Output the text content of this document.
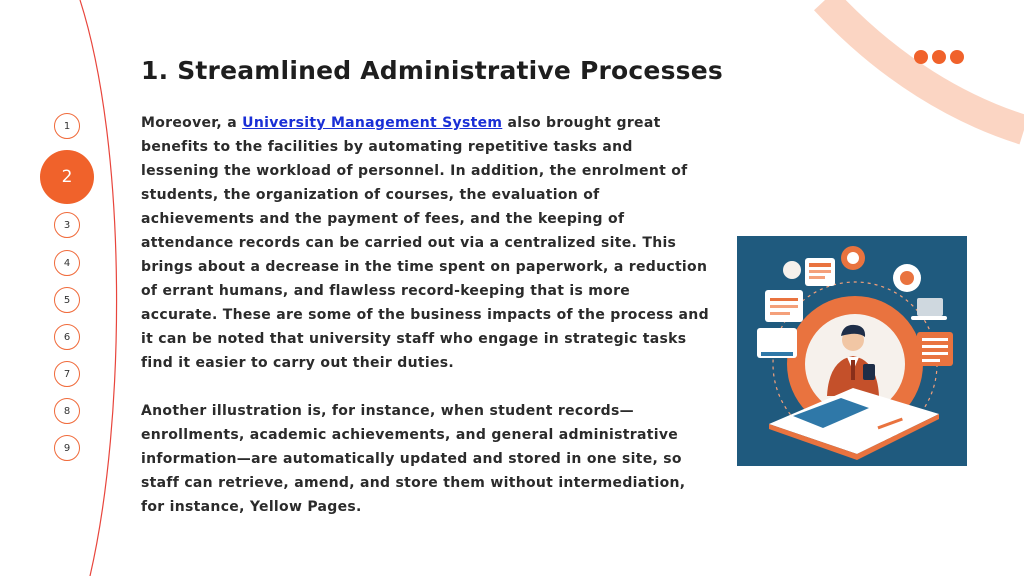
1
2
3
4
5
6
7
8
9
1. Streamlined Administrative Processes

Moreover, a University Management System also brought great benefits to the facilities by automating repetitive tasks and lessening the workload of personnel. In addition, the enrolment of students, the organization of courses, the evaluation of achievements and the payment of fees, and the keeping of attendance records can be carried out via a centralized site. This brings about a decrease in the time spent on paperwork, a reduction of errant humans, and flawless record-keeping that is more accurate. These are some of the business impacts of the process and it can be noted that university staff who engage in strategic tasks find it easier to carry out their duties.

Another illustration is, for instance, when student records—enrollments, academic achievements, and general administrative information—are automatically updated and stored in one site, so staff can retrieve, amend, and store them without intermediation, for instance, Yellow Pages.
